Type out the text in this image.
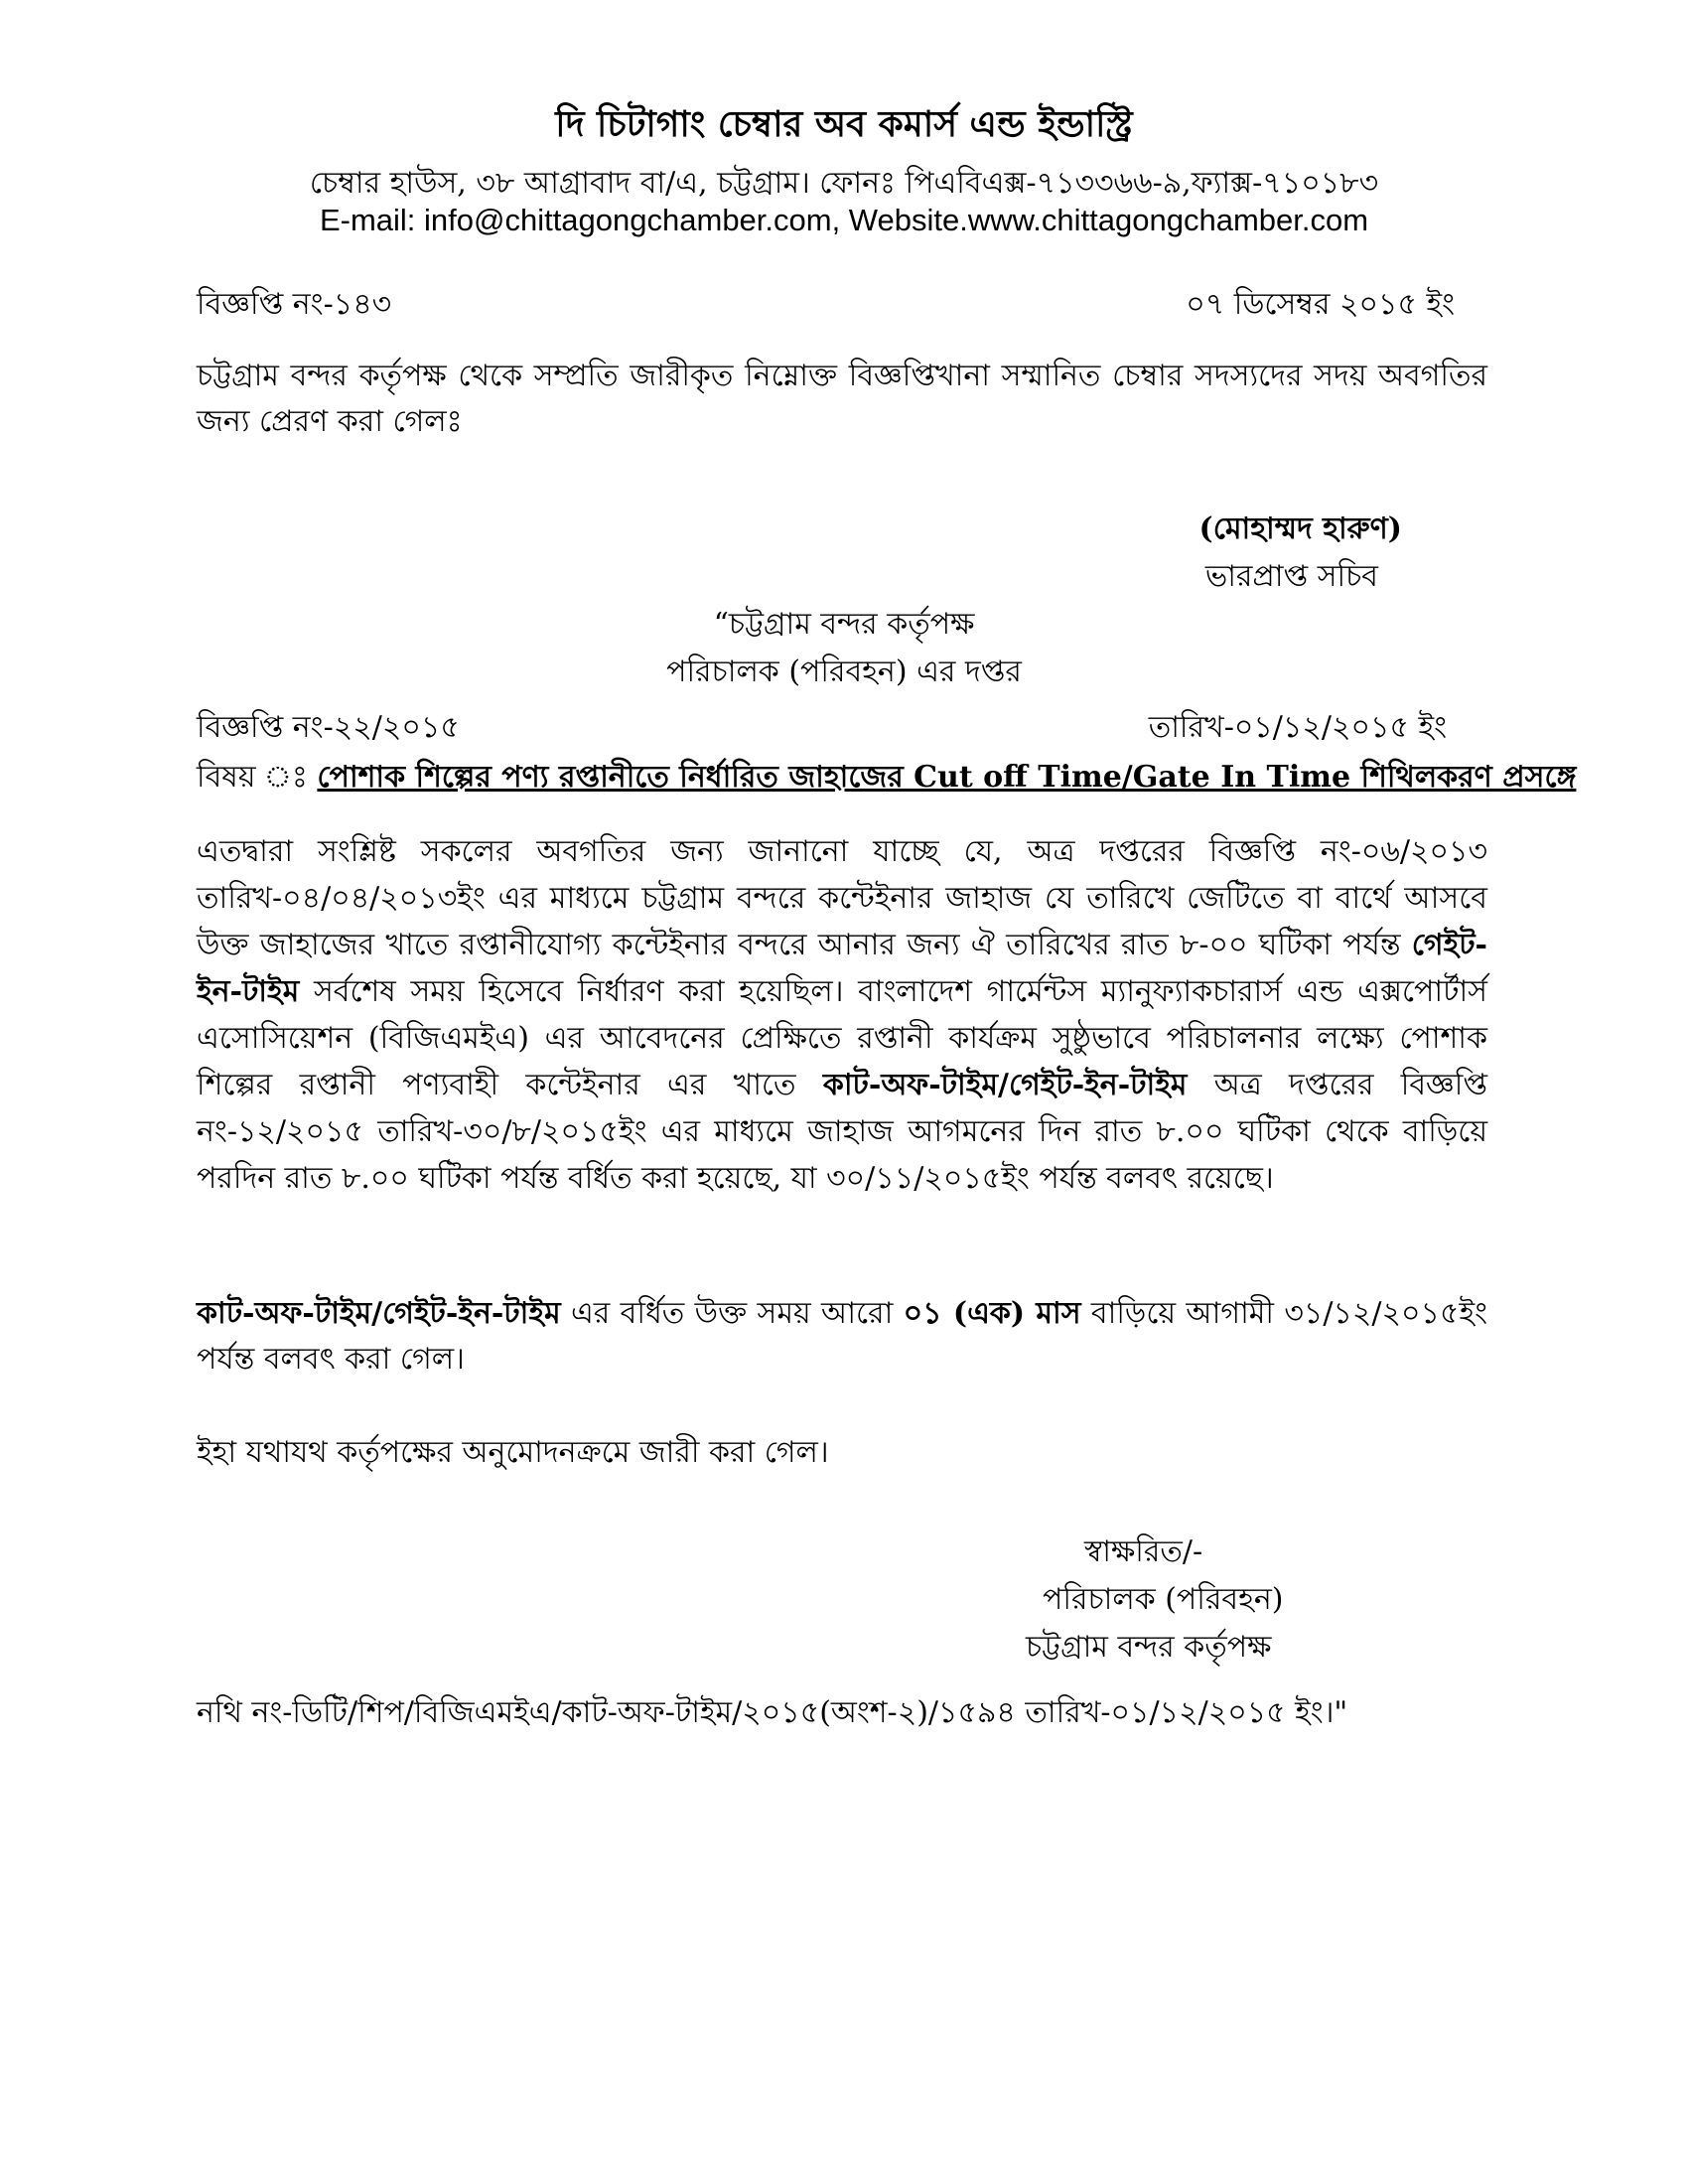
দি চিটাগাং চেম্বার অব কমার্স এন্ড ইন্ডাস্ট্রি
চেম্বার হাউস, ৩৮ আগ্রাবাদ বা/এ, চট্টগ্রাম। ফোনঃ পিএবিএক্স-৭১৩৩৬৬-৯,ফ্যাক্স-৭১০১৮৩
E-mail: info@chittagongchamber.com, Website.www.chittagongchamber.com
বিজ্ঞপ্তি নং-১৪৩	০৭ ডিসেম্বর ২০১৫ ইং
চট্টগ্রাম বন্দর কর্তৃপক্ষ থেকে সম্প্রতি জারীকৃত নিম্নোক্ত বিজ্ঞপ্তিখানা সম্মানিত চেম্বার সদস্যদের সদয় অবগতির জন্য প্রেরণ করা গেলঃ
(মোহাম্মদ হারুণ)
ভারপ্রাপ্ত সচিব
“চট্টগ্রাম বন্দর কর্তৃপক্ষ
পরিচালক (পরিবহন) এর দপ্তর
বিজ্ঞপ্তি নং-২২/২০১৫	তারিখ-০১/১২/২০১৫ ইং
বিষয় ঃ পোশাক শিল্পের পণ্য রপ্তানীতে নির্ধারিত জাহাজের Cut off Time/Gate In Time শিথিলকরণ প্রসঙ্গে
এতদ্বারা সংশ্লিষ্ট সকলের অবগতির জন্য জানানো যাচ্ছে যে, অত্র দপ্তরের বিজ্ঞপ্তি নং-০৬/২০১৩ তারিখ-০৪/০৪/২০১৩ইং এর মাধ্যমে চট্টগ্রাম বন্দরে কন্টেইনার জাহাজ যে তারিখে জেটিতে বা বার্থে আসবে উক্ত জাহাজের খাতে রপ্তানীযোগ্য কন্টেইনার বন্দরে আনার জন্য ঐ তারিখের রাত ৮-০০ ঘটিকা পর্যন্ত গেইট-ইন-টাইম সর্বশেষ সময় হিসেবে নির্ধারণ করা হয়েছিল। বাংলাদেশ গার্মেন্টস ম্যানুফ্যাকচারার্স এন্ড এক্সপোর্টার্স এসোসিয়েশন (বিজিএমইএ) এর আবেদনের প্রেক্ষিতে রপ্তানী কার্যক্রম সুষ্ঠুভাবে পরিচালনার লক্ষ্যে পোশাক শিল্পের রপ্তানী পণ্যবাহী কন্টেইনার এর খাতে কাট-অফ-টাইম/গেইট-ইন-টাইম অত্র দপ্তরের বিজ্ঞপ্তি নং-১২/২০১৫ তারিখ-৩০/৮/২০১৫ইং এর মাধ্যমে জাহাজ আগমনের দিন রাত ৮.০০ ঘটিকা থেকে বাড়িয়ে পরদিন রাত ৮.০০ ঘটিকা পর্যন্ত বর্ধিত করা হয়েছে, যা ৩০/১১/২০১৫ইং পর্যন্ত বলবৎ রয়েছে।
কাট-অফ-টাইম/গেইট-ইন-টাইম এর বর্ধিত উক্ত সময় আরো ০১ (এক) মাস বাড়িয়ে আগামী ৩১/১২/২০১৫ইং পর্যন্ত বলবৎ করা গেল।
ইহা যথাযথ কর্তৃপক্ষের অনুমোদনক্রমে জারী করা গেল।
স্বাক্ষরিত/-
পরিচালক (পরিবহন)
চট্টগ্রাম বন্দর কর্তৃপক্ষ
নথি নং-ডিটি/শিপ/বিজিএমইএ/কাট-অফ-টাইম/২০১৫(অংশ-২)/১৫৯৪ তারিখ-০১/১২/২০১৫ ইং।"
